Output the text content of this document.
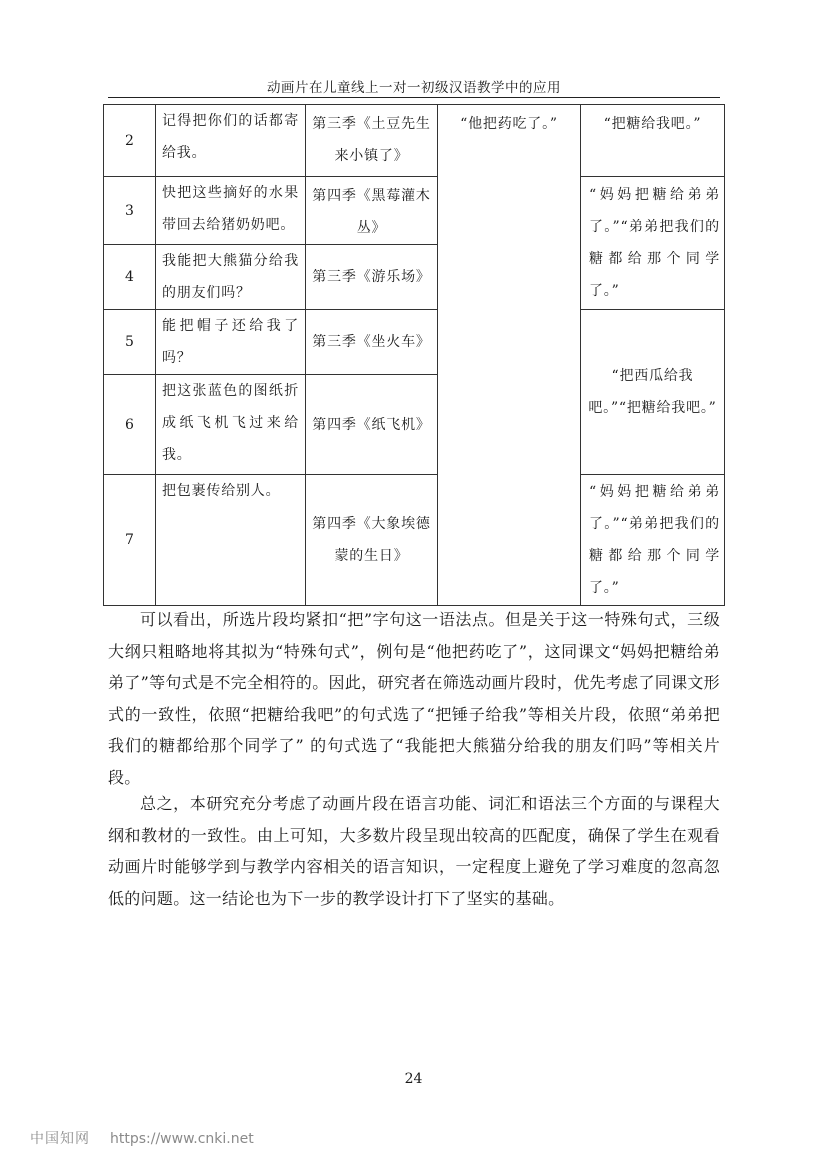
动画片在儿童线上一对一初级汉语教学中的应用
2	记得把你们的话都寄给我。	第三季《土豆先生来小镇了》	“他把药吃了。”	“把糖给我吧。”

3	快把这些摘好的水果带回去给猪奶奶吧。	第四季《黑莓灌木丛》		“妈妈把糖给弟弟了。”“弟弟把我们的糖都给那个同学了。”

4	我能把大熊猫分给我的朋友们吗？	第三季《游乐场》		

5	能把帽子还给我了吗？	第三季《坐火车》		“把西瓜给我吧。”“把糖给我吧。”

6	把这张蓝色的图纸折成纸飞机飞过来给我。	第四季《纸飞机》		

7	把包裹传给别人。	第四季《大象埃德蒙的生日》		“妈妈把糖给弟弟了。”“弟弟把我们的糖都给那个同学了。”

可以看出，所选片段均紧扣“把”字句这一语法点。但是关于这一特殊句式，三级大纲只粗略地将其拟为“特殊句式”，例句是“他把药吃了”，这同课文“妈妈把糖给弟弟了”等句式是不完全相符的。因此，研究者在筛选动画片段时，优先考虑了同课文形式的一致性，依照“把糖给我吧”的句式选了“把锤子给我”等相关片段，依照“弟弟把我们的糖都给那个同学了” 的句式选了“我能把大熊猫分给我的朋友们吗”等相关片段。

总之，本研究充分考虑了动画片段在语言功能、词汇和语法三个方面的与课程大纲和教材的一致性。由上可知，大多数片段呈现出较高的匹配度，确保了学生在观看动画片时能够学到与教学内容相关的语言知识，一定程度上避免了学习难度的忽高忽低的问题。这一结论也为下一步的教学设计打下了坚实的基础。

24
中国知网 https://www.cnki.net
